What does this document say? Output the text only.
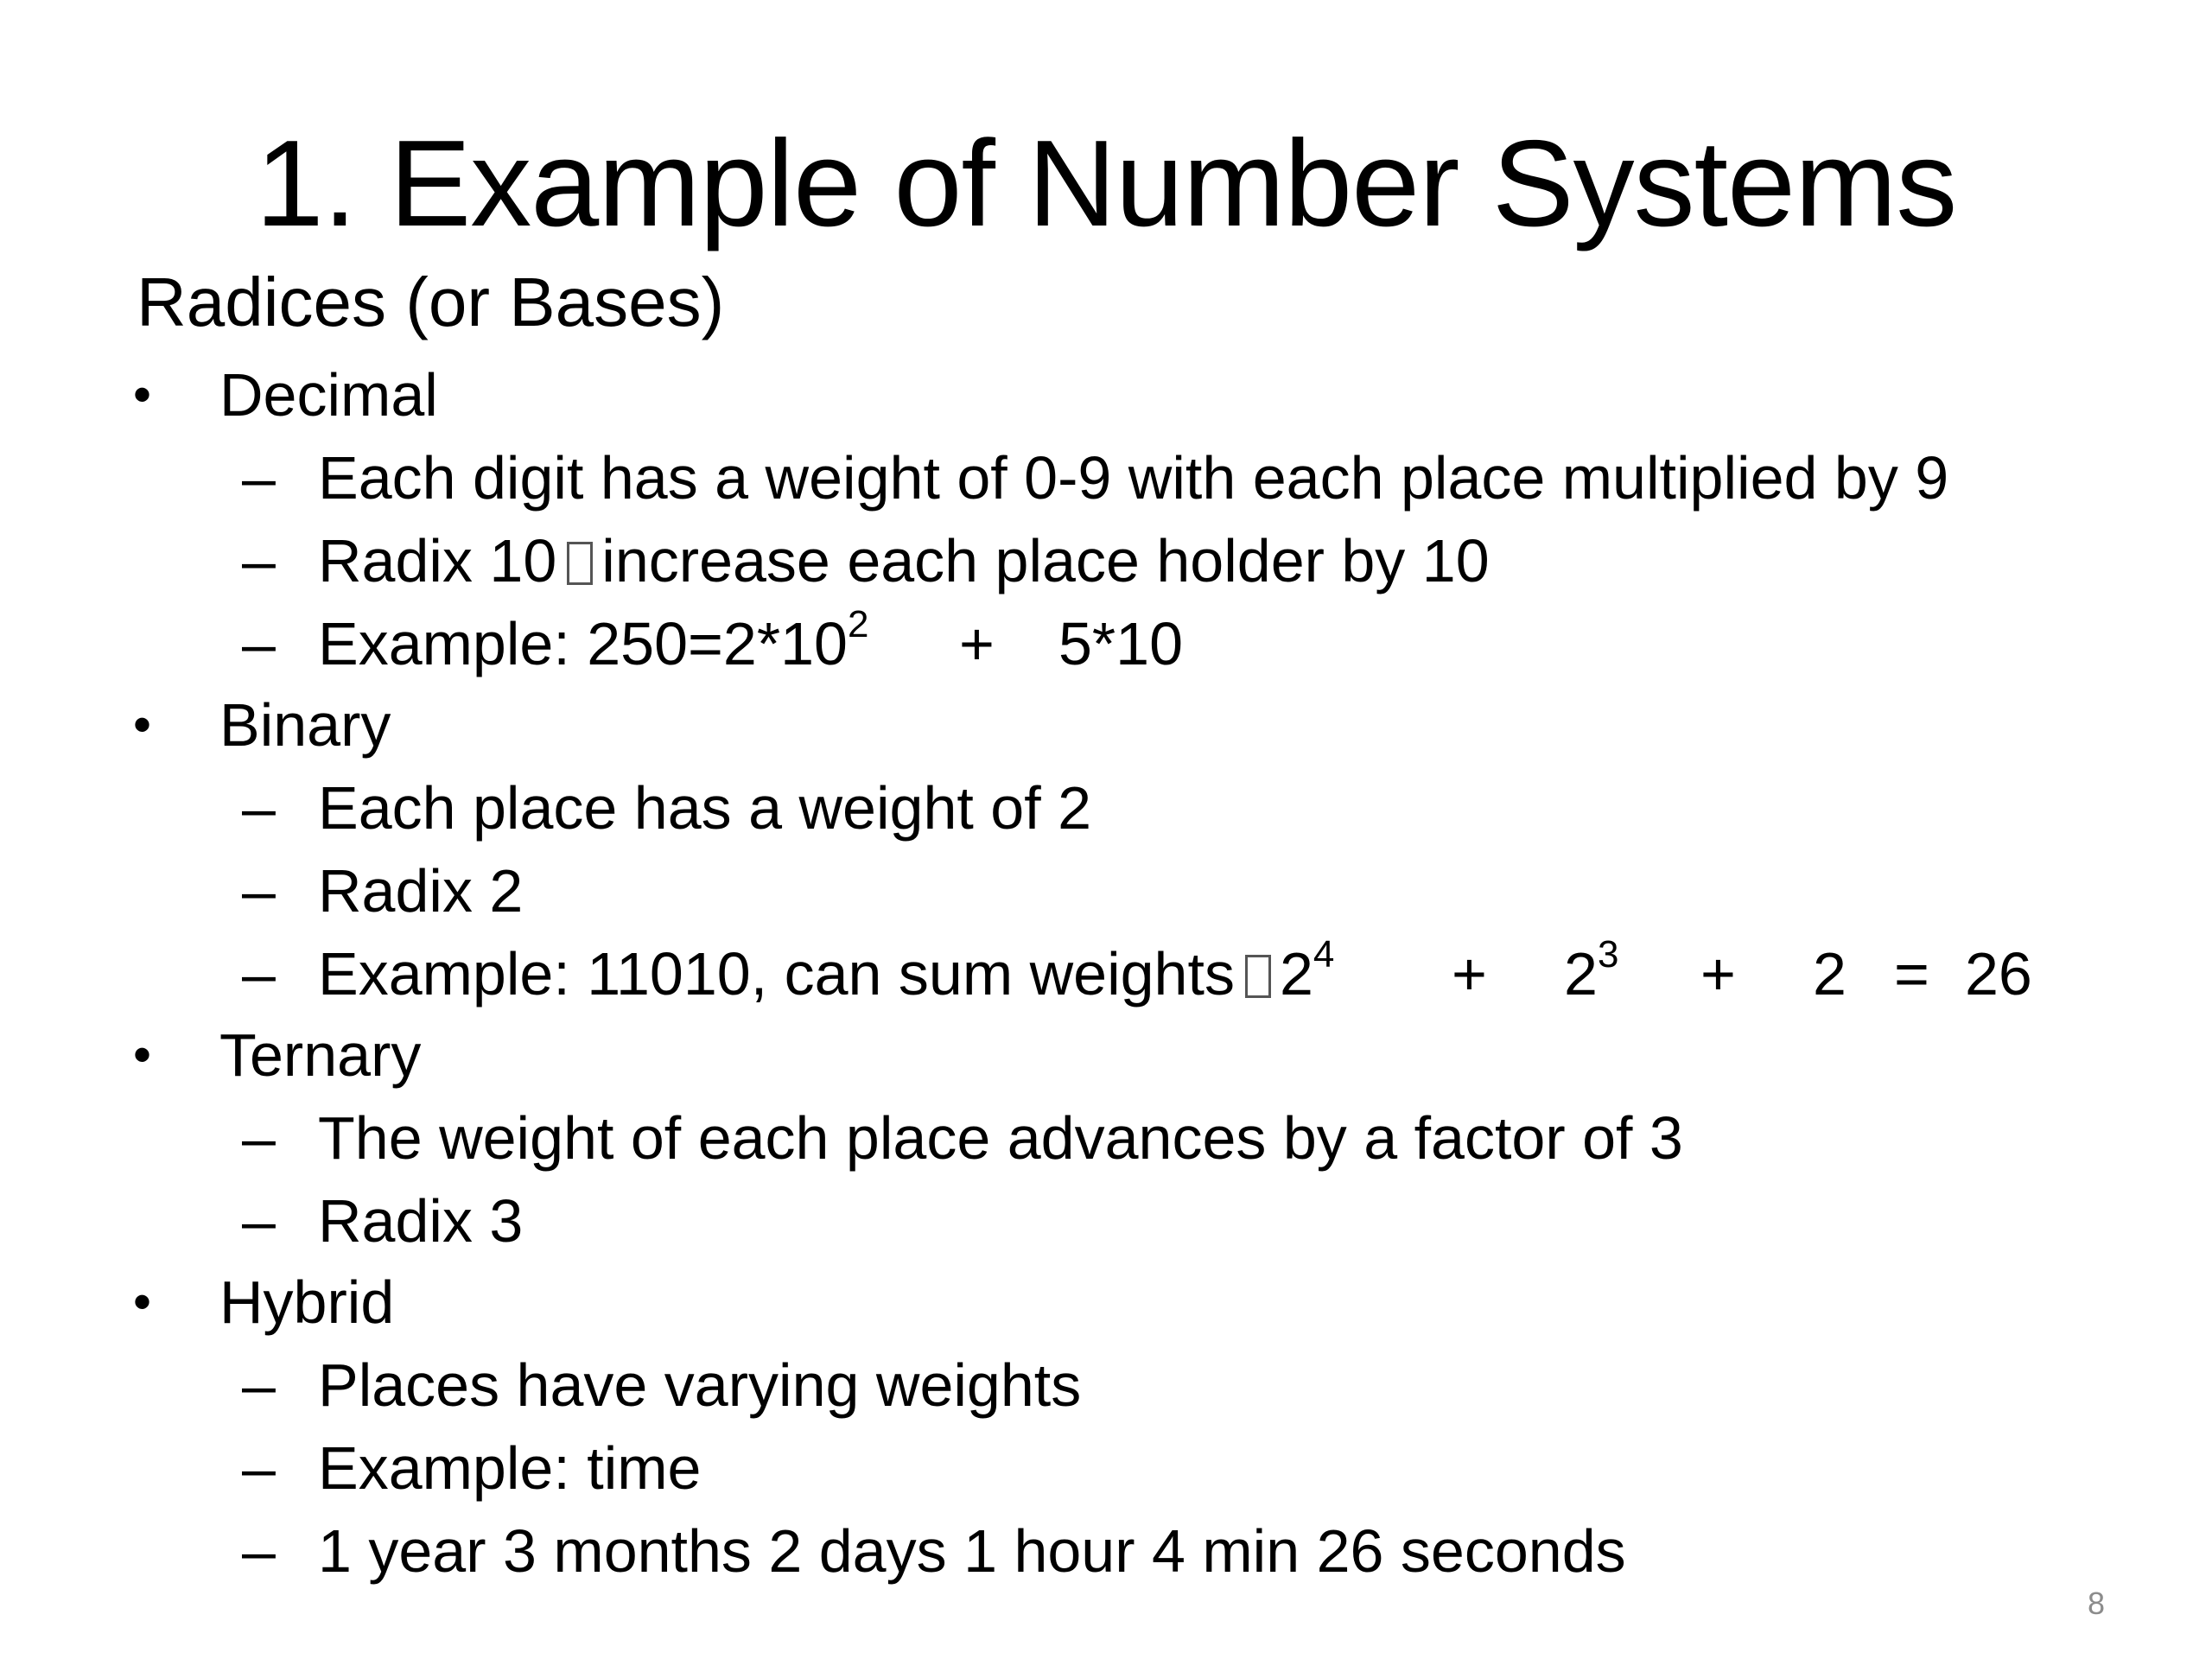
1. Example of Number Systems
Radices (or Bases)
• Decimal
– Each digit has a weight of 0-9 with each place multiplied by 9
– Radix 10 increase each place holder by 10
– Example: $250=2*10^2 + 5*10$
• Binary
– Each place has a weight of 2
– Radix 2
– Example: 11010, can sum weights $2^4 + 2^3 + 2 = 26$
• Ternary
– The weight of each place advances by a factor of 3
– Radix 3
• Hybrid
– Places have varying weights
– Example: time
– 1 year 3 months 2 days 1 hour 4 min 26 seconds
8
